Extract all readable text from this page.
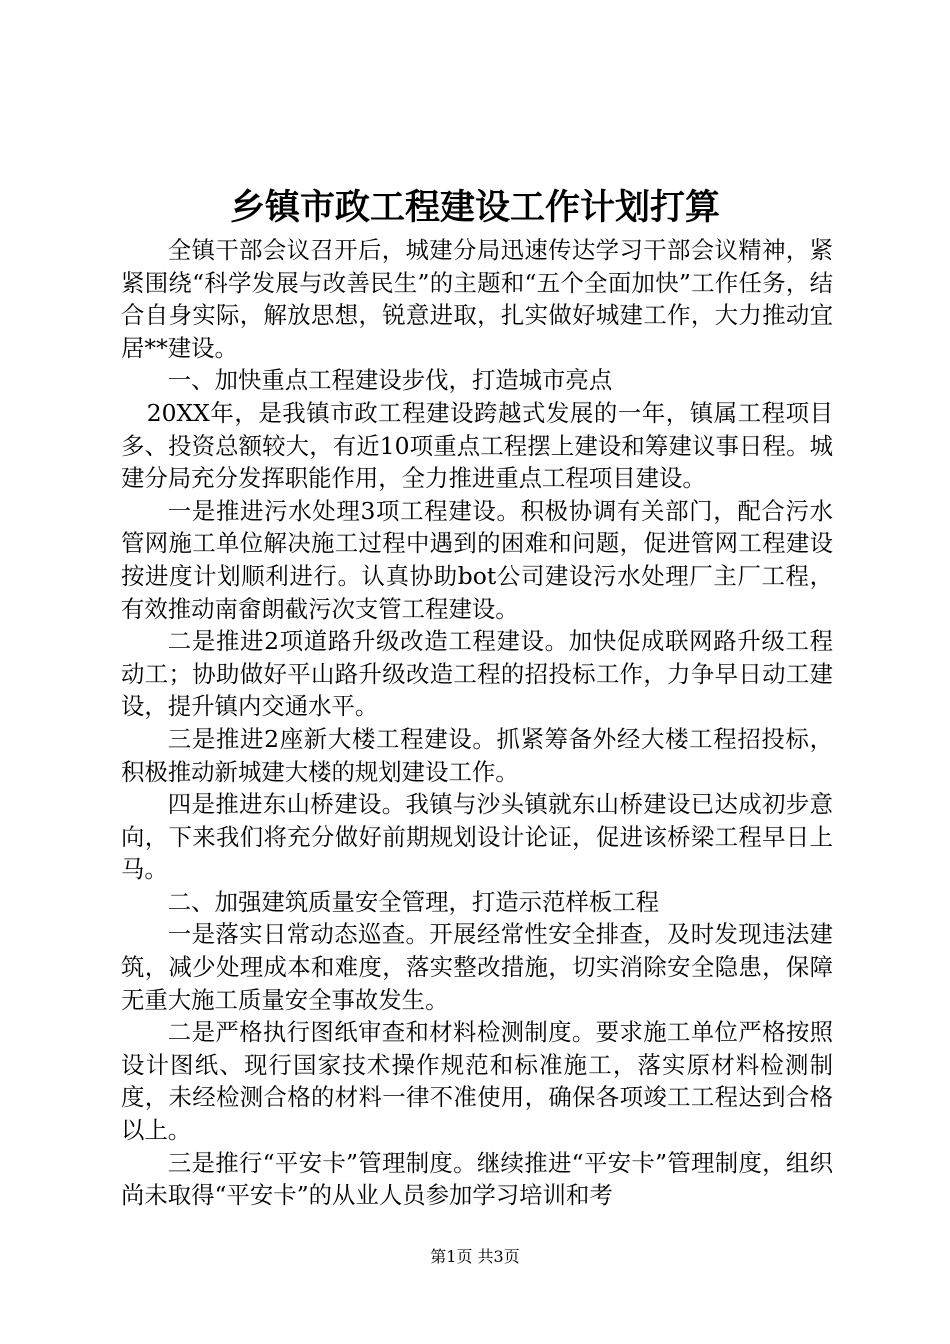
乡镇市政工程建设工作计划打算

全镇干部会议召开后，城建分局迅速传达学习干部会议精神，紧紧围绕“科学发展与改善民生”的主题和“五个全面加快”工作任务，结合自身实际，解放思想，锐意进取，扎实做好城建工作，大力推动宜居**建设。

一、加快重点工程建设步伐，打造城市亮点

20XX年，是我镇市政工程建设跨越式发展的一年，镇属工程项目多、投资总额较大，有近10项重点工程摆上建设和筹建议事日程。城建分局充分发挥职能作用，全力推进重点工程项目建设。

一是推进污水处理3项工程建设。积极协调有关部门，配合污水管网施工单位解决施工过程中遇到的困难和问题，促进管网工程建设按进度计划顺利进行。认真协助bot公司建设污水处理厂主厂工程，有效推动南畲朗截污次支管工程建设。

二是推进2项道路升级改造工程建设。加快促成联网路升级工程动工；协助做好平山路升级改造工程的招投标工作，力争早日动工建设，提升镇内交通水平。

三是推进2座新大楼工程建设。抓紧筹备外经大楼工程招投标，积极推动新城建大楼的规划建设工作。

四是推进东山桥建设。我镇与沙头镇就东山桥建设已达成初步意向，下来我们将充分做好前期规划设计论证，促进该桥梁工程早日上马。

二、加强建筑质量安全管理，打造示范样板工程

一是落实日常动态巡查。开展经常性安全排查，及时发现违法建筑，减少处理成本和难度，落实整改措施，切实消除安全隐患，保障无重大施工质量安全事故发生。

二是严格执行图纸审查和材料检测制度。要求施工单位严格按照设计图纸、现行国家技术操作规范和标准施工，落实原材料检测制度，未经检测合格的材料一律不准使用，确保各项竣工工程达到合格以上。

三是推行“平安卡”管理制度。继续推进“平安卡”管理制度，组织尚未取得“平安卡”的从业人员参加学习培训和考

第1页 共3页
